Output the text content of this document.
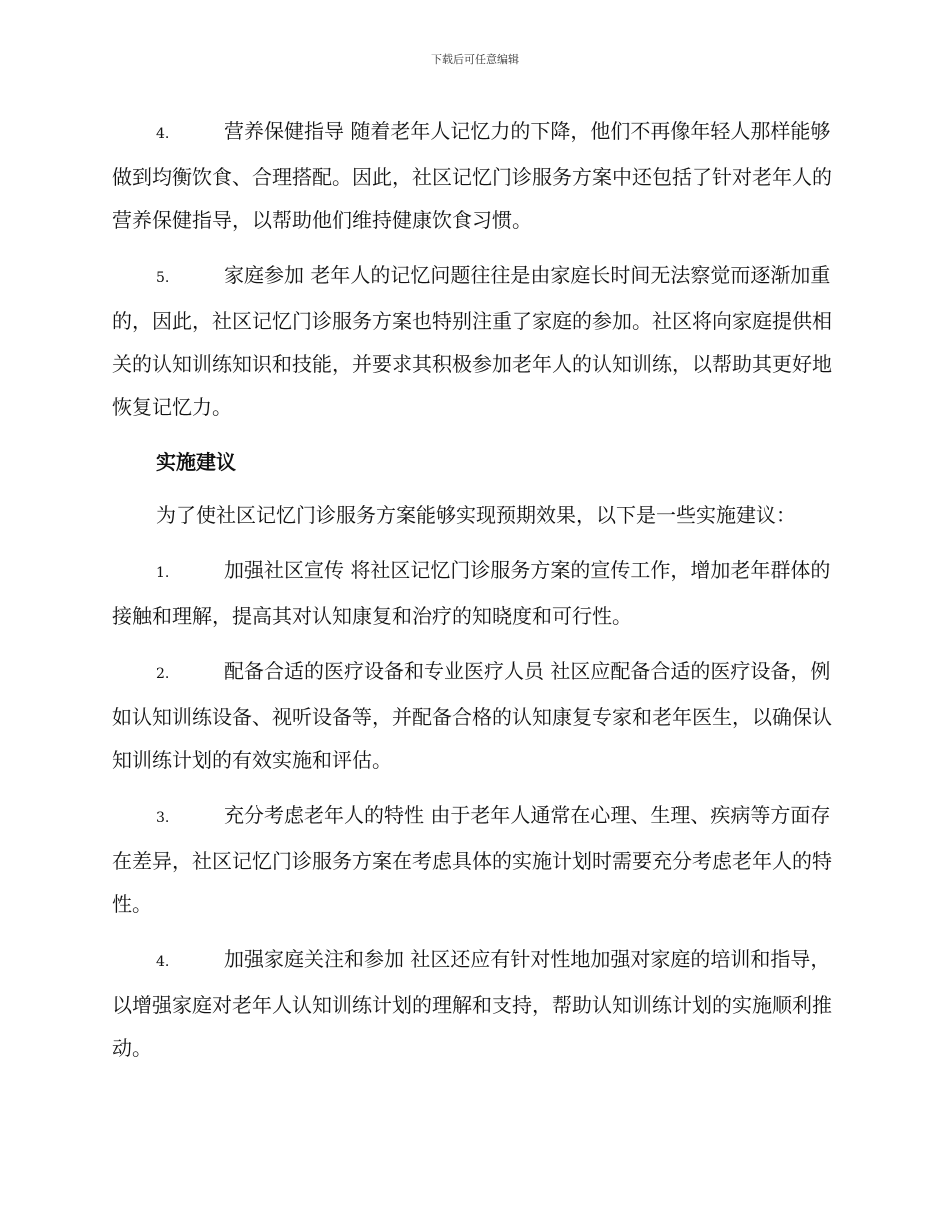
下载后可任意编辑

4.	营养保健指导 随着老年人记忆力的下降，他们不再像年轻人那样能够做到均衡饮食、合理搭配。因此，社区记忆门诊服务方案中还包括了针对老年人的营养保健指导，以帮助他们维持健康饮食习惯。

5.	家庭参加 老年人的记忆问题往往是由家庭长时间无法察觉而逐渐加重的，因此，社区记忆门诊服务方案也特别注重了家庭的参加。社区将向家庭提供相关的认知训练知识和技能，并要求其积极参加老年人的认知训练，以帮助其更好地恢复记忆力。

实施建议

为了使社区记忆门诊服务方案能够实现预期效果，以下是一些实施建议：

1.	加强社区宣传 将社区记忆门诊服务方案的宣传工作，增加老年群体的接触和理解，提高其对认知康复和治疗的知晓度和可行性。

2.	配备合适的医疗设备和专业医疗人员 社区应配备合适的医疗设备，例如认知训练设备、视听设备等，并配备合格的认知康复专家和老年医生，以确保认知训练计划的有效实施和评估。

3.	充分考虑老年人的特性 由于老年人通常在心理、生理、疾病等方面存在差异，社区记忆门诊服务方案在考虑具体的实施计划时需要充分考虑老年人的特性。

4.	加强家庭关注和参加 社区还应有针对性地加强对家庭的培训和指导，以增强家庭对老年人认知训练计划的理解和支持，帮助认知训练计划的实施顺利推动。
